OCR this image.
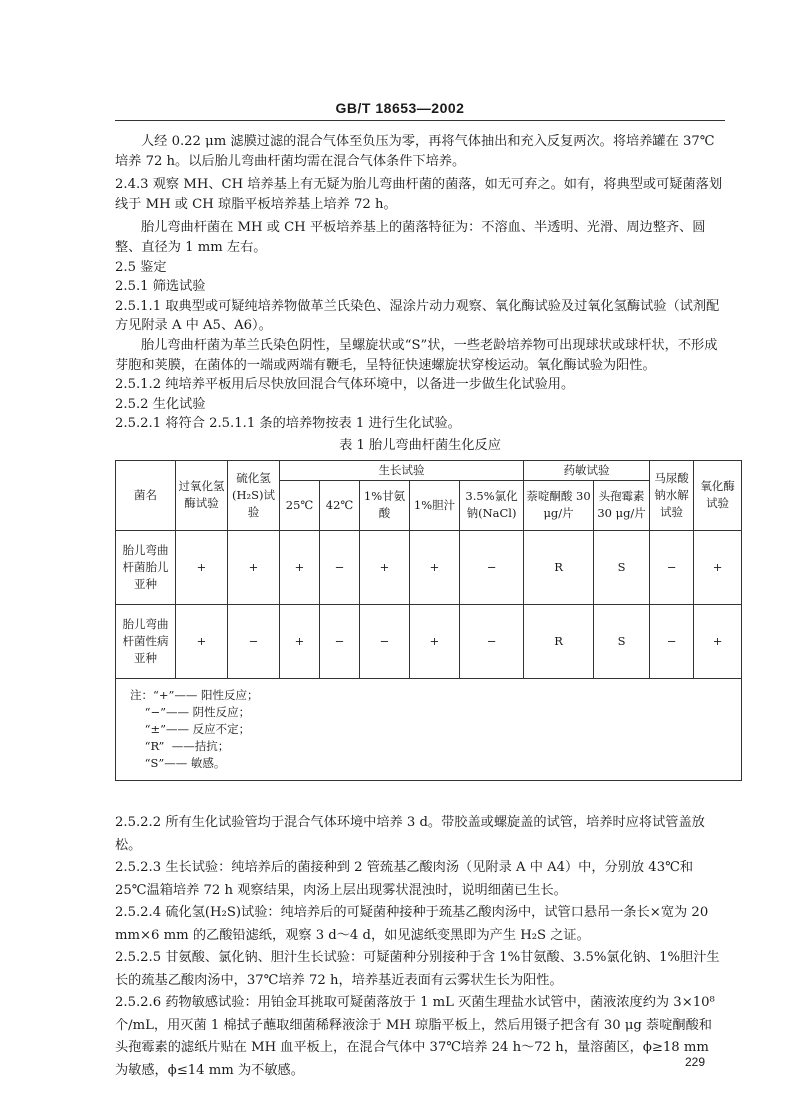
GB/T 18653—2002

人经 0.22 μm 滤膜过滤的混合气体至负压为零，再将气体抽出和充入反复两次。将培养罐在 37℃培养 72 h。以后胎儿弯曲杆菌均需在混合气体条件下培养。

2.4.3 观察 MH、CH 培养基上有无疑为胎儿弯曲杆菌的菌落，如无可弃之。如有，将典型或可疑菌落划线于 MH 或 CH 琼脂平板培养基上培养 72 h。

胎儿弯曲杆菌在 MH 或 CH 平板培养基上的菌落特征为：不溶血、半透明、光滑、周边整齐、圆整、直径为 1 mm 左右。

2.5 鉴定

2.5.1 筛选试验

2.5.1.1 取典型或可疑纯培养物做革兰氏染色、湿涂片动力观察、氧化酶试验及过氧化氢酶试验（试剂配方见附录 A 中 A5、A6）。

胎儿弯曲杆菌为革兰氏染色阴性，呈螺旋状或“S”状，一些老龄培养物可出现球状或球杆状，不形成芽胞和荚膜，在菌体的一端或两端有鞭毛，呈特征快速螺旋状穿梭运动。氧化酶试验为阳性。

2.5.1.2 纯培养平板用后尽快放回混合气体环境中，以备进一步做生化试验用。

2.5.2 生化试验

2.5.2.1 将符合 2.5.1.1 条的培养物按表 1 进行生化试验。

表 1 胎儿弯曲杆菌生化反应
菌名	过氧化氢酶试验	硫化氢(H₂S)试验	生长试验					药敏试验		马尿酸钠水解试验	氧化酶试验
			25℃	42℃	1%甘氨酸	1%胆汁	3.5%氯化钠(NaCl)	萘啶酮酸 30 μg/片	头孢霉素 30 μg/片		
胎儿弯曲杆菌胎儿亚种	+	+	+	−	+	+	−	R	S	−	+
胎儿弯曲杆菌性病亚种	+	−	+	−	−	+	−	R	S	−	+

注：“+”—— 阳性反应；
“−”—— 阴性反应；
“±”—— 反应不定；
“R”  ——拮抗；
“S”—— 敏感。											

2.5.2.2 所有生化试验管均于混合气体环境中培养 3 d。带胶盖或螺旋盖的试管，培养时应将试管盖放松。

2.5.2.3 生长试验：纯培养后的菌接种到 2 管巯基乙酸肉汤（见附录 A 中 A4）中，分别放 43℃和 25℃温箱培养 72 h 观察结果，肉汤上层出现雾状混浊时，说明细菌已生长。

2.5.2.4 硫化氢(H₂S)试验：纯培养后的可疑菌种接种于巯基乙酸肉汤中，试管口悬吊一条长×宽为 20 mm×6 mm 的乙酸铅滤纸，观察 3 d～4 d，如见滤纸变黑即为产生 H₂S 之证。

2.5.2.5 甘氨酸、氯化钠、胆汁生长试验：可疑菌种分别接种于含 1%甘氨酸、3.5%氯化钠、1%胆汁生长的巯基乙酸肉汤中，37℃培养 72 h，培养基近表面有云雾状生长为阳性。

2.5.2.6 药物敏感试验：用铂金耳挑取可疑菌落放于 1 mL 灭菌生理盐水试管中，菌液浓度约为 3×10⁸ 个/mL，用灭菌 1 棉拭子蘸取细菌稀释液涂于 MH 琼脂平板上，然后用镊子把含有 30 μg 萘啶酮酸和头孢霉素的滤纸片贴在 MH 血平板上，在混合气体中 37℃培养 24 h～72 h，量溶菌区，ϕ≥18 mm 为敏感，ϕ≤14 mm 为不敏感。

229
